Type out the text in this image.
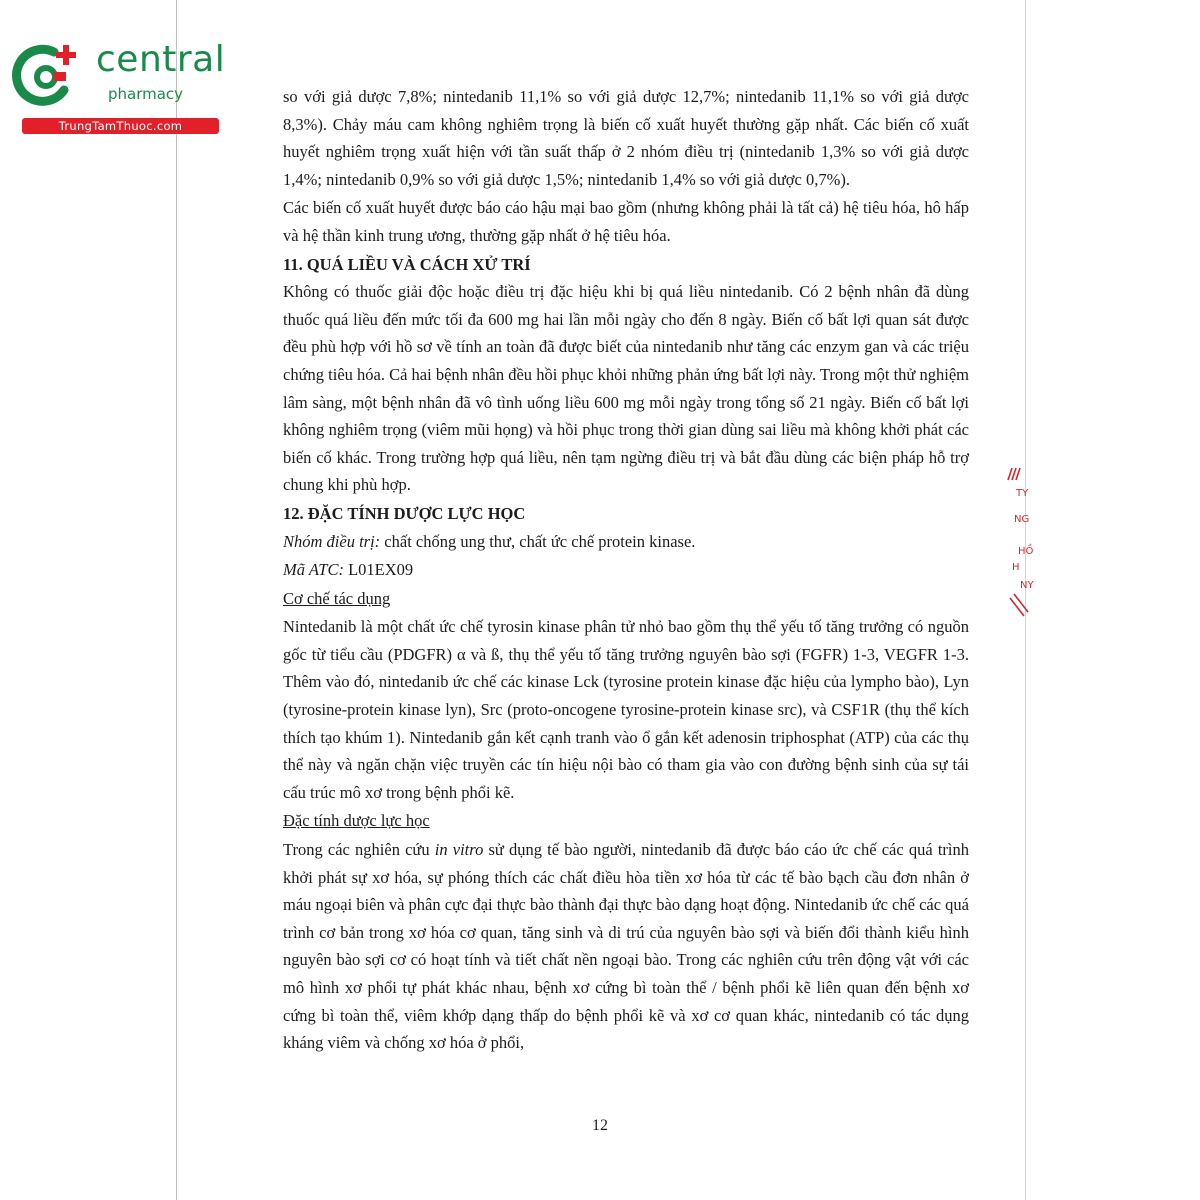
central
pharmacy
TrungTamThuoc.com

so với giả dược 7,8%; nintedanib 11,1% so với giả dược 12,7%; nintedanib 11,1% so với giả dược 8,3%). Chảy máu cam không nghiêm trọng là biến cố xuất huyết thường gặp nhất. Các biến cố xuất huyết nghiêm trọng xuất hiện với tần suất thấp ở 2 nhóm điều trị (nintedanib 1,3% so với giả dược 1,4%; nintedanib 0,9% so với giả dược 1,5%; nintedanib 1,4% so với giả dược 0,7%).

Các biến cố xuất huyết được báo cáo hậu mại bao gồm (nhưng không phải là tất cả) hệ tiêu hóa, hô hấp và hệ thần kinh trung ương, thường gặp nhất ở hệ tiêu hóa.

11. QUÁ LIỀU VÀ CÁCH XỬ TRÍ

Không có thuốc giải độc hoặc điều trị đặc hiệu khi bị quá liều nintedanib. Có 2 bệnh nhân đã dùng thuốc quá liều đến mức tối đa 600 mg hai lần mỗi ngày cho đến 8 ngày. Biến cố bất lợi quan sát được đều phù hợp với hồ sơ về tính an toàn đã được biết của nintedanib như tăng các enzym gan và các triệu chứng tiêu hóa. Cả hai bệnh nhân đều hồi phục khỏi những phản ứng bất lợi này. Trong một thử nghiệm lâm sàng, một bệnh nhân đã vô tình uống liều 600 mg mỗi ngày trong tổng số 21 ngày. Biến cố bất lợi không nghiêm trọng (viêm mũi họng) và hồi phục trong thời gian dùng sai liều mà không khởi phát các biến cố khác. Trong trường hợp quá liều, nên tạm ngừng điều trị và bắt đầu dùng các biện pháp hỗ trợ chung khi phù hợp.

12. ĐẶC TÍNH DƯỢC LỰC HỌC

Nhóm điều trị: chất chống ung thư, chất ức chế protein kinase.

Mã ATC: L01EX09

Cơ chế tác dụng

Nintedanib là một chất ức chế tyrosin kinase phân tử nhỏ bao gồm thụ thể yếu tố tăng trưởng có nguồn gốc từ tiểu cầu (PDGFR) α và ß, thụ thể yếu tố tăng trưởng nguyên bào sợi (FGFR) 1-3, VEGFR 1-3. Thêm vào đó, nintedanib ức chế các kinase Lck (tyrosine protein kinase đặc hiệu của lympho bào), Lyn (tyrosine-protein kinase lyn), Src (proto-oncogene tyrosine-protein kinase src), và CSF1R (thụ thể kích thích tạo khúm 1). Nintedanib gắn kết cạnh tranh vào ổ gắn kết adenosin triphosphat (ATP) của các thụ thể này và ngăn chặn việc truyền các tín hiệu nội bào có tham gia vào con đường bệnh sinh của sự tái cấu trúc mô xơ trong bệnh phổi kẽ.

Đặc tính dược lực học

Trong các nghiên cứu in vitro sử dụng tế bào người, nintedanib đã được báo cáo ức chế các quá trình khởi phát sự xơ hóa, sự phóng thích các chất điều hòa tiền xơ hóa từ các tế bào bạch cầu đơn nhân ở máu ngoại biên và phân cực đại thực bào thành đại thực bào dạng hoạt động. Nintedanib ức chế các quá trình cơ bản trong xơ hóa cơ quan, tăng sinh và di trú của nguyên bào sợi và biến đổi thành kiểu hình nguyên bào sợi cơ có hoạt tính và tiết chất nền ngoại bào. Trong các nghiên cứu trên động vật với các mô hình xơ phổi tự phát khác nhau, bệnh xơ cứng bì toàn thể / bệnh phổi kẽ liên quan đến bệnh xơ cứng bì toàn thể, viêm khớp dạng thấp do bệnh phổi kẽ và xơ cơ quan khác, nintedanib có tác dụng kháng viêm và chống xơ hóa ở phổi,

12
TY
NG
HỒ
H
NY
